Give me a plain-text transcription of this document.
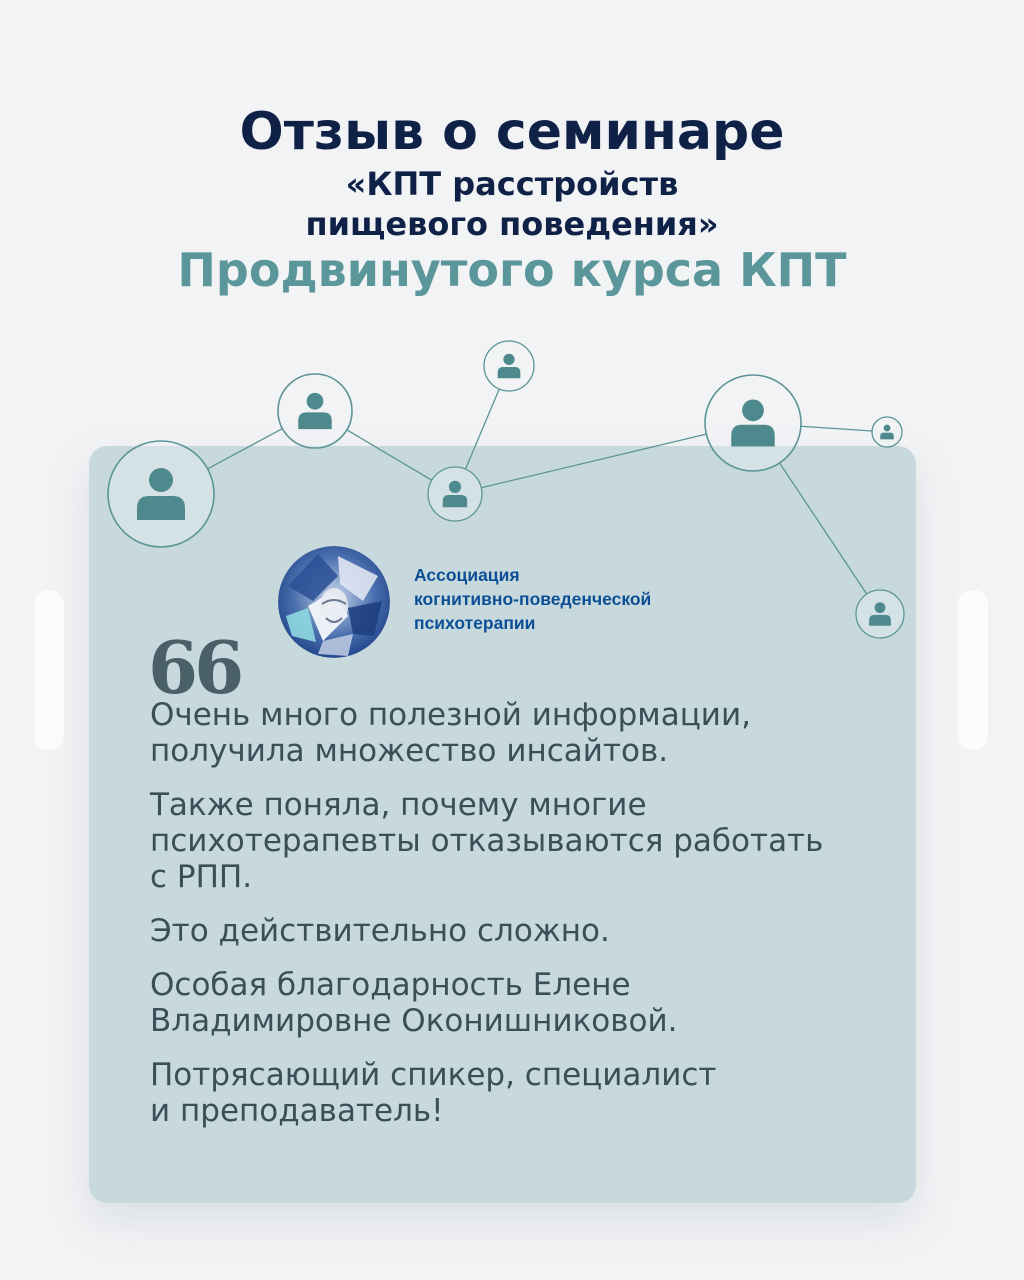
Отзыв о семинаре
«КПТ расстройств
пищевого поведения»
Продвинутого курса КПТ
Ассоциация
когнитивно-поведенческой
психотерапии
66

Очень много полезной информации,
получила множество инсайтов.

Также поняла, почему многие
психотерапевты отказываются работать
с РПП.

Это действительно сложно.

Особая благодарность Елене
Владимировне Оконишниковой.

Потрясающий спикер, специалист
и преподаватель!
